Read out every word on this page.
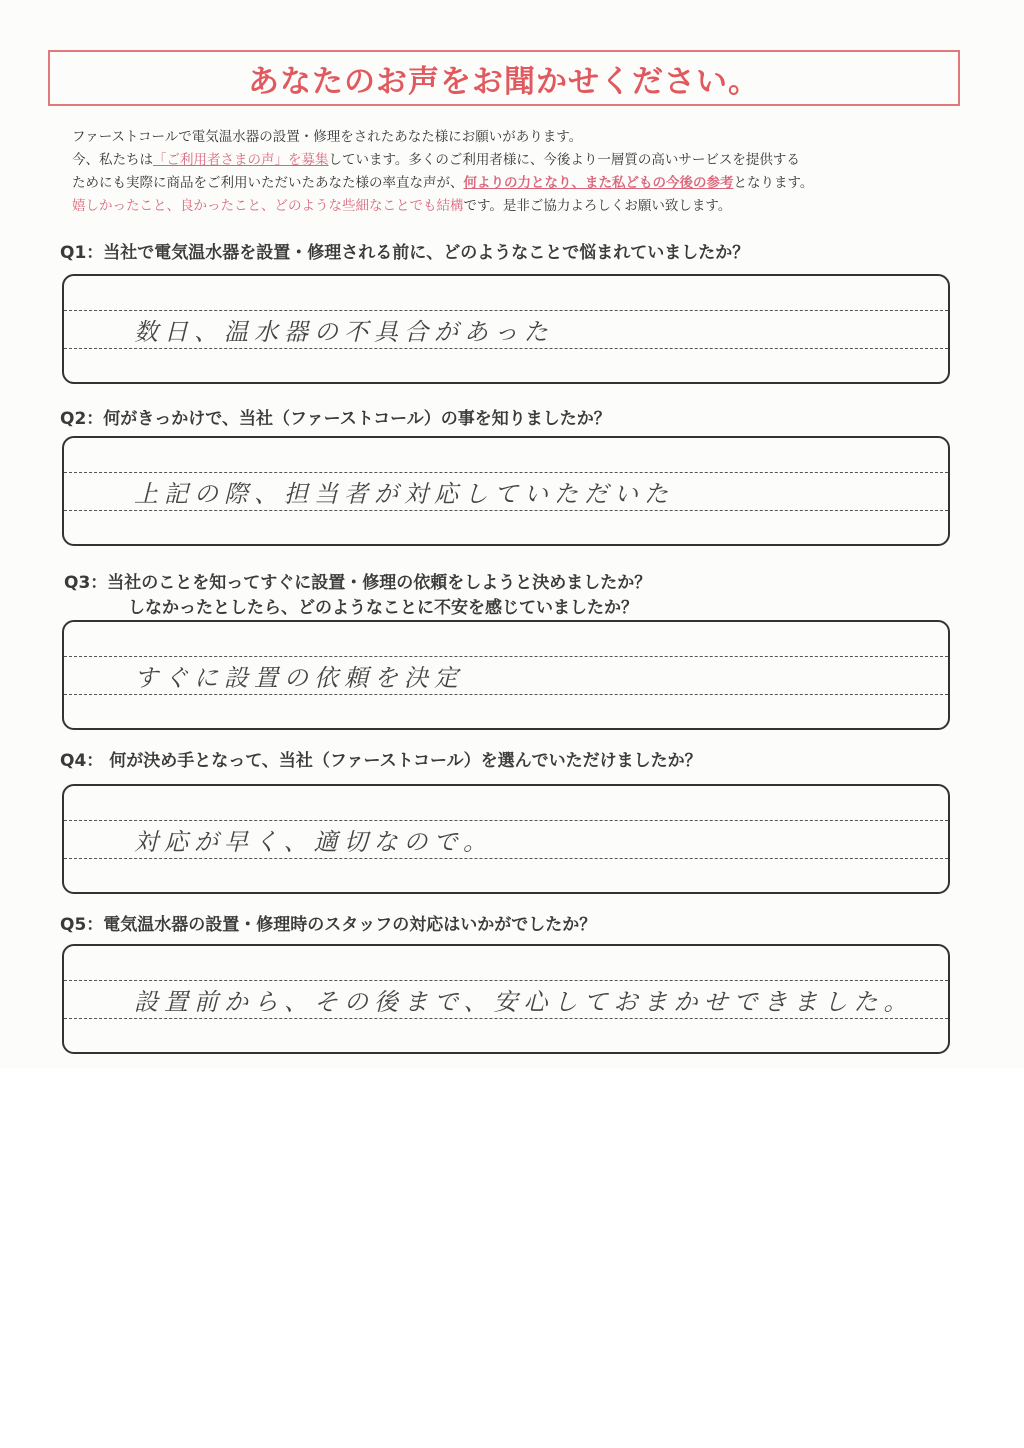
あなたのお声をお聞かせください。
ファーストコールで電気温水器の設置・修理をされたあなた様にお願いがあります。
今、私たちは「ご利用者さまの声」を募集しています。多くのご利用者様に、今後より一層質の高いサービスを提供する
ためにも実際に商品をご利用いただいたあなた様の率直な声が、何よりの力となり、また私どもの今後の参考となります。
嬉しかったこと、良かったこと、どのような些細なことでも結構です。是非ご協力よろしくお願い致します。
Q1：当社で電気温水器を設置・修理される前に、どのようなことで悩まれていましたか？
数日、温水器の不具合があった
Q2：何がきっかけで、当社（ファーストコール）の事を知りましたか？
上記の際、担当者が対応していただいた
Q3：当社のことを知ってすぐに設置・修理の依頼をしようと決めましたか？
しなかったとしたら、どのようなことに不安を感じていましたか？
すぐに設置の依頼を決定
Q4： 何が決め手となって、当社（ファーストコール）を選んでいただけましたか？
対応が早く、適切なので。
Q5：電気温水器の設置・修理時のスタッフの対応はいかがでしたか？
設置前から、その後まで、安心しておまかせできました。
